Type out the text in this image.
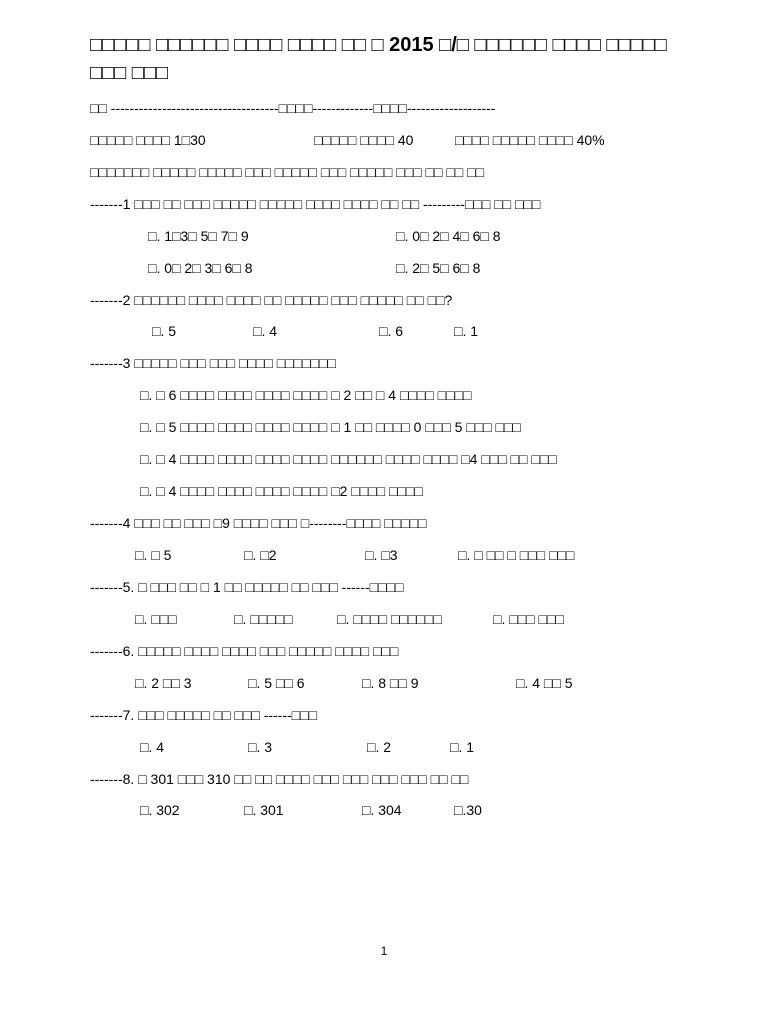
□□□□□ □□□□□□ □□□□ □□□□ □□ □ 2015 □/□ □□□□□□ □□□□ □□□□□
□□□ □□□
□□ ------------------------------------□□□□-------------□□□□-------------------
□□□□□ □□□□ 1□30	□□□□□ □□□□ 40	□□□□ □□□□□ □□□□ 40%
□□□□□□□ □□□□□ □□□□□ □□□ □□□□□ □□□ □□□□□ □□□ □□ □□ □□
-------1 □□□ □□ □□□ □□□□□ □□□□□ □□□□ □□□□ □□ □□ ---------□□□ □□ □□□
□. 1□3□ 5□ 7□ 9	□. 0□ 2□ 4□ 6□ 8
□. 0□ 2□ 3□ 6□ 8	□. 2□ 5□ 6□ 8
-------2 □□□□□□ □□□□ □□□□ □□ □□□□□ □□□ □□□□□ □□ □□?
□. 5	□. 4	□. 6	□. 1
-------3 □□□□□ □□□ □□□ □□□□ □□□□□□□
□. □ 6 □□□□ □□□□ □□□□ □□□□ □ 2 □□ □ 4 □□□□ □□□□
□. □ 5 □□□□ □□□□ □□□□ □□□□ □ 1 □□ □□□□ 0 □□□ 5 □□□ □□□
□. □ 4 □□□□ □□□□ □□□□ □□□□ □□□□□□ □□□□ □□□□ □4 □□□ □□ □□□
□. □ 4 □□□□ □□□□ □□□□ □□□□ □2 □□□□ □□□□
-------4 □□□ □□ □□□ □9 □□□□ □□□ □--------□□□□ □□□□□
□. □ 5	□. □2	□. □3	□. □ □□ □ □□□ □□□
-------5. □ □□□ □□ □ 1 □□ □□□□□ □□ □□□ ------□□□□
□. □□□	□. □□□□□	□. □□□□ □□□□□□	□. □□□ □□□
-------6. □□□□□ □□□□ □□□□ □□□ □□□□□ □□□□ □□□
□. 2 □□ 3	□. 5 □□ 6	□. 8 □□ 9	□. 4 □□ 5
-------7. □□□ □□□□□ □□ □□□ ------□□□
□. 4	□. 3	□. 2	□. 1
-------8. □ 301 □□□ 310 □□ □□ □□□□ □□□ □□□ □□□ □□□ □□ □□
□. 302	□. 301	□. 304	□.30
1
